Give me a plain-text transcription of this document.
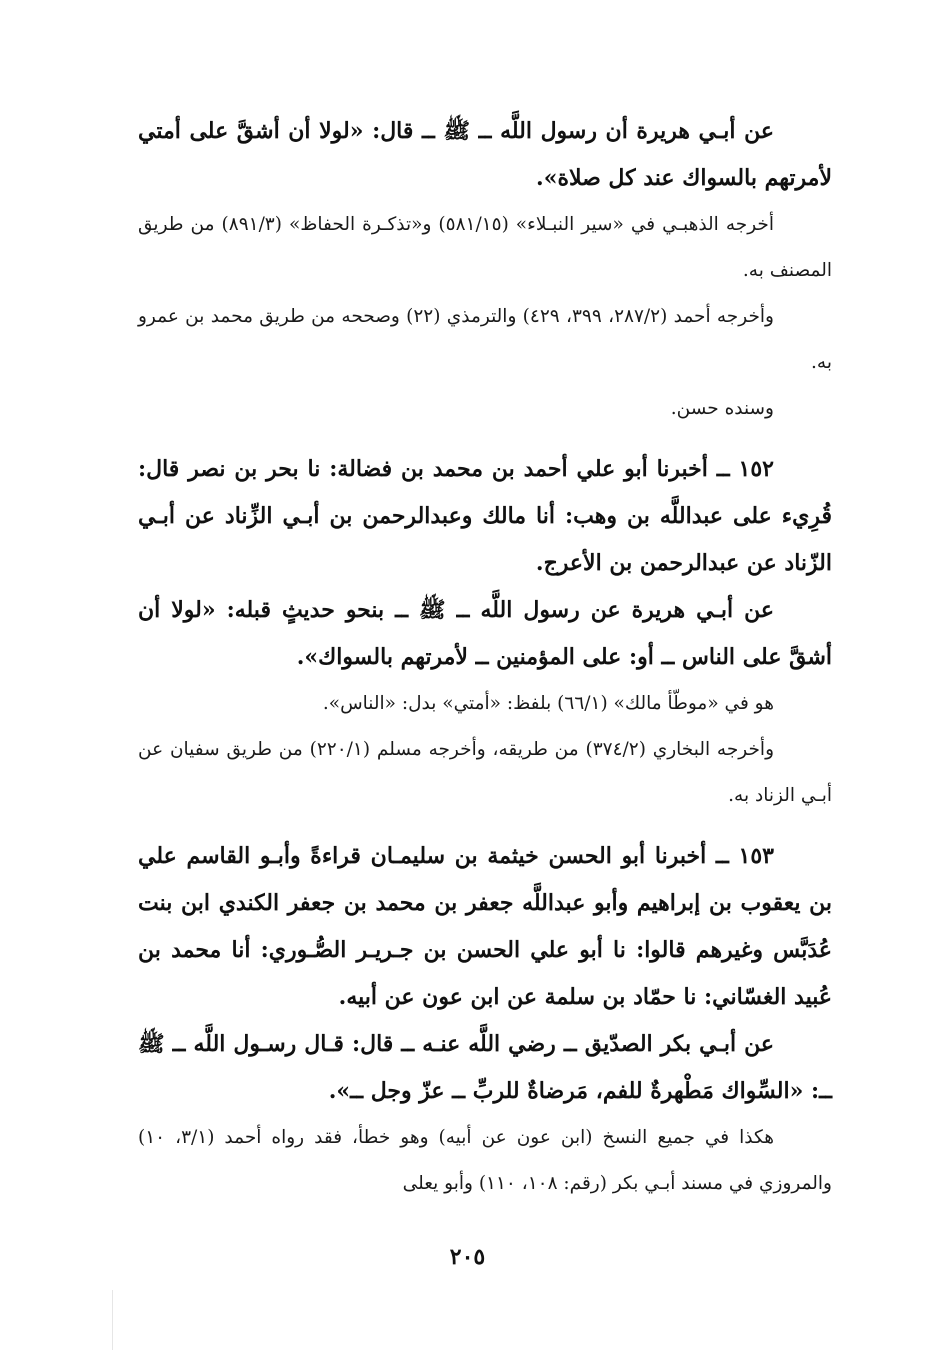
عن أبـي هريرة أن رسول اللَّه ــ ﷺ ــ قال: «لولا أن أشقَّ على أمتي لأمرتهم بالسواك عند كل صلاة».

أخرجه الذهبـي في «سير النبـلاء» (٥٨١/١٥) و«تذكـرة الحفاظ» (٨٩١/٣) من طريق المصنف به.

وأخرجه أحمد (٢٨٧/٢، ٣٩٩، ٤٢٩) والترمذي (٢٢) وصححه من طريق محمد بن عمرو به.

وسنده حسن.

١٥٢ ــ أخبرنا أبو علي أحمد بن محمد بن فضالة: نا بحر بن نصر قال: قُرِيء على عبداللَّه بن وهب: أنا مالك وعبدالرحمن بن أبـي الزِّناد عن أبـي الزّناد عن عبدالرحمن بن الأعرج.

عن أبـي هريرة عن رسول اللَّه ــ ﷺ ــ بنحو حديثٍ قبله: «لولا أن أشقَّ على الناس ــ أو: على المؤمنين ــ لأمرتهم بالسواك».

هو في «موطّأ مالك» (٦٦/١) بلفظ: «أمتي» بدل: «الناس».

وأخرجه البخاري (٣٧٤/٢) من طريقه، وأخرجه مسلم (٢٢٠/١) من طريق سفيان عن أبـي الزناد به.

١٥٣ ــ أخبرنا أبو الحسن خيثمة بن سليمـان قراءةً وأبـو القاسم علي بن يعقوب بن إبراهيم وأبو عبداللَّه جعفر بن محمد بن جعفر الكندي ابن بنت عُدَبَّس وغيرهم قالوا: نا أبو علي الحسن بن جـريـر الصُّـوري: أنا محمد بن عُبيد الغسّاني: نا حمّاد بن سلمة عن ابن عون عن أبيه.

عن أبـي بكر الصدّيق ــ رضي اللَّه عنـه ــ قال: قـال رسـول اللَّه ــ ﷺ ــ: «السِّواك مَطْهرةٌ للفم، مَرضاةٌ للربِّ ــ عزّ وجل ــ».

هكذا في جميع النسخ (ابن عون عن أبيه) وهو خطأ، فقد رواه أحمد (٣/١، ١٠) والمروزي في مسند أبـي بكر (رقم: ١٠٨، ١١٠) وأبو يعلى

٢٠٥
